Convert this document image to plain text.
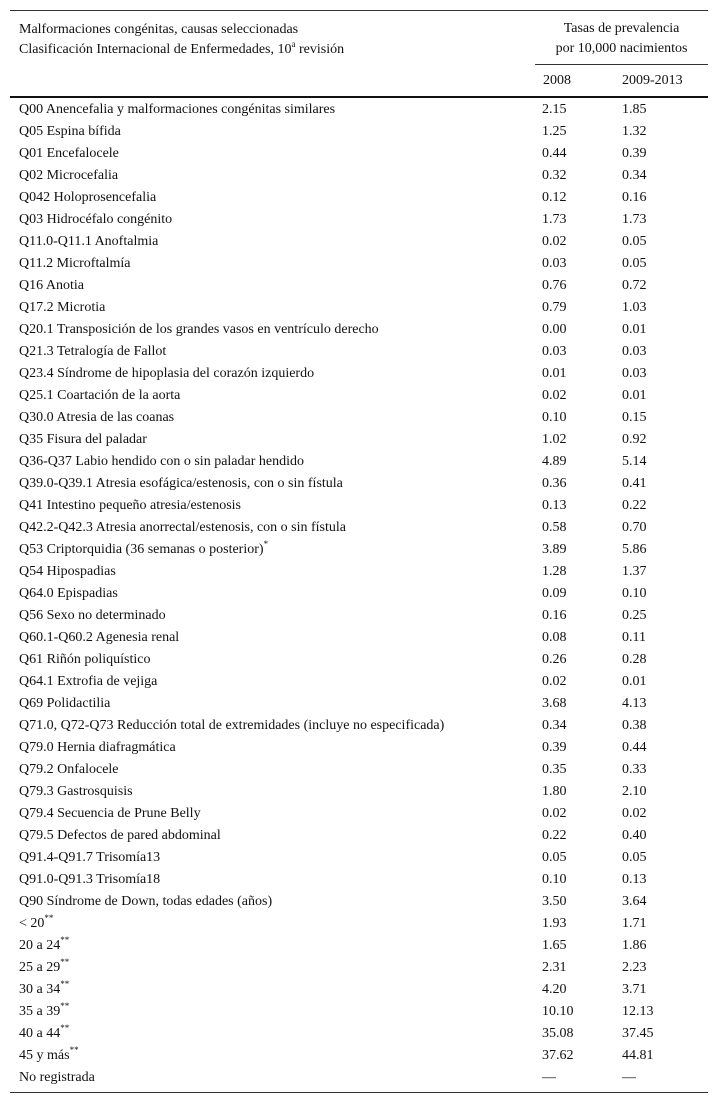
Malformaciones congénitas, causas seleccionadas
Clasificación Internacional de Enfermedades, 10$^a$ revisión
Tasas de prevalencia
por 10,000 nacimientos
2008	2009-2013
Q00 Anencefalia y malformaciones congénitas similares	2.15	1.85
Q05 Espina bífida	1.25	1.32
Q01 Encefalocele	0.44	0.39
Q02 Microcefalia	0.32	0.34
Q042 Holoprosencefalia	0.12	0.16
Q03 Hidrocéfalo congénito	1.73	1.73
Q11.0-Q11.1 Anoftalmia	0.02	0.05
Q11.2 Microftalmía	0.03	0.05
Q16 Anotia	0.76	0.72
Q17.2 Microtia	0.79	1.03
Q20.1 Transposición de los grandes vasos en ventrículo derecho	0.00	0.01
Q21.3 Tetralogía de Fallot	0.03	0.03
Q23.4 Síndrome de hipoplasia del corazón izquierdo	0.01	0.03
Q25.1 Coartación de la aorta	0.02	0.01
Q30.0 Atresia de las coanas	0.10	0.15
Q35 Fisura del paladar	1.02	0.92
Q36-Q37 Labio hendido con o sin paladar hendido	4.89	5.14
Q39.0-Q39.1 Atresia esofágica/estenosis, con o sin fístula	0.36	0.41
Q41 Intestino pequeño atresia/estenosis	0.13	0.22
Q42.2-Q42.3 Atresia anorrectal/estenosis, con o sin fístula	0.58	0.70
Q53 Criptorquidia (36 semanas o posterior)*	3.89	5.86
Q54 Hipospadias	1.28	1.37
Q64.0 Epispadias	0.09	0.10
Q56 Sexo no determinado	0.16	0.25
Q60.1-Q60.2 Agenesia renal	0.08	0.11
Q61 Riñón poliquístico	0.26	0.28
Q64.1 Extrofia de vejiga	0.02	0.01
Q69 Polidactilia	3.68	4.13
Q71.0, Q72-Q73 Reducción total de extremidades (incluye no especificada)	0.34	0.38
Q79.0 Hernia diafragmática	0.39	0.44
Q79.2 Onfalocele	0.35	0.33
Q79.3 Gastrosquisis	1.80	2.10
Q79.4 Secuencia de Prune Belly	0.02	0.02
Q79.5 Defectos de pared abdominal	0.22	0.40
Q91.4-Q91.7 Trisomía13	0.05	0.05
Q91.0-Q91.3 Trisomía18	0.10	0.13
Q90 Síndrome de Down, todas edades (años)	3.50	3.64
< 20**	1.93	1.71
20 a 24**	1.65	1.86
25 a 29**	2.31	2.23
30 a 34**	4.20	3.71
35 a 39**	10.10	12.13
40 a 44**	35.08	37.45
45 y más**	37.62	44.81
No registrada	—	—
